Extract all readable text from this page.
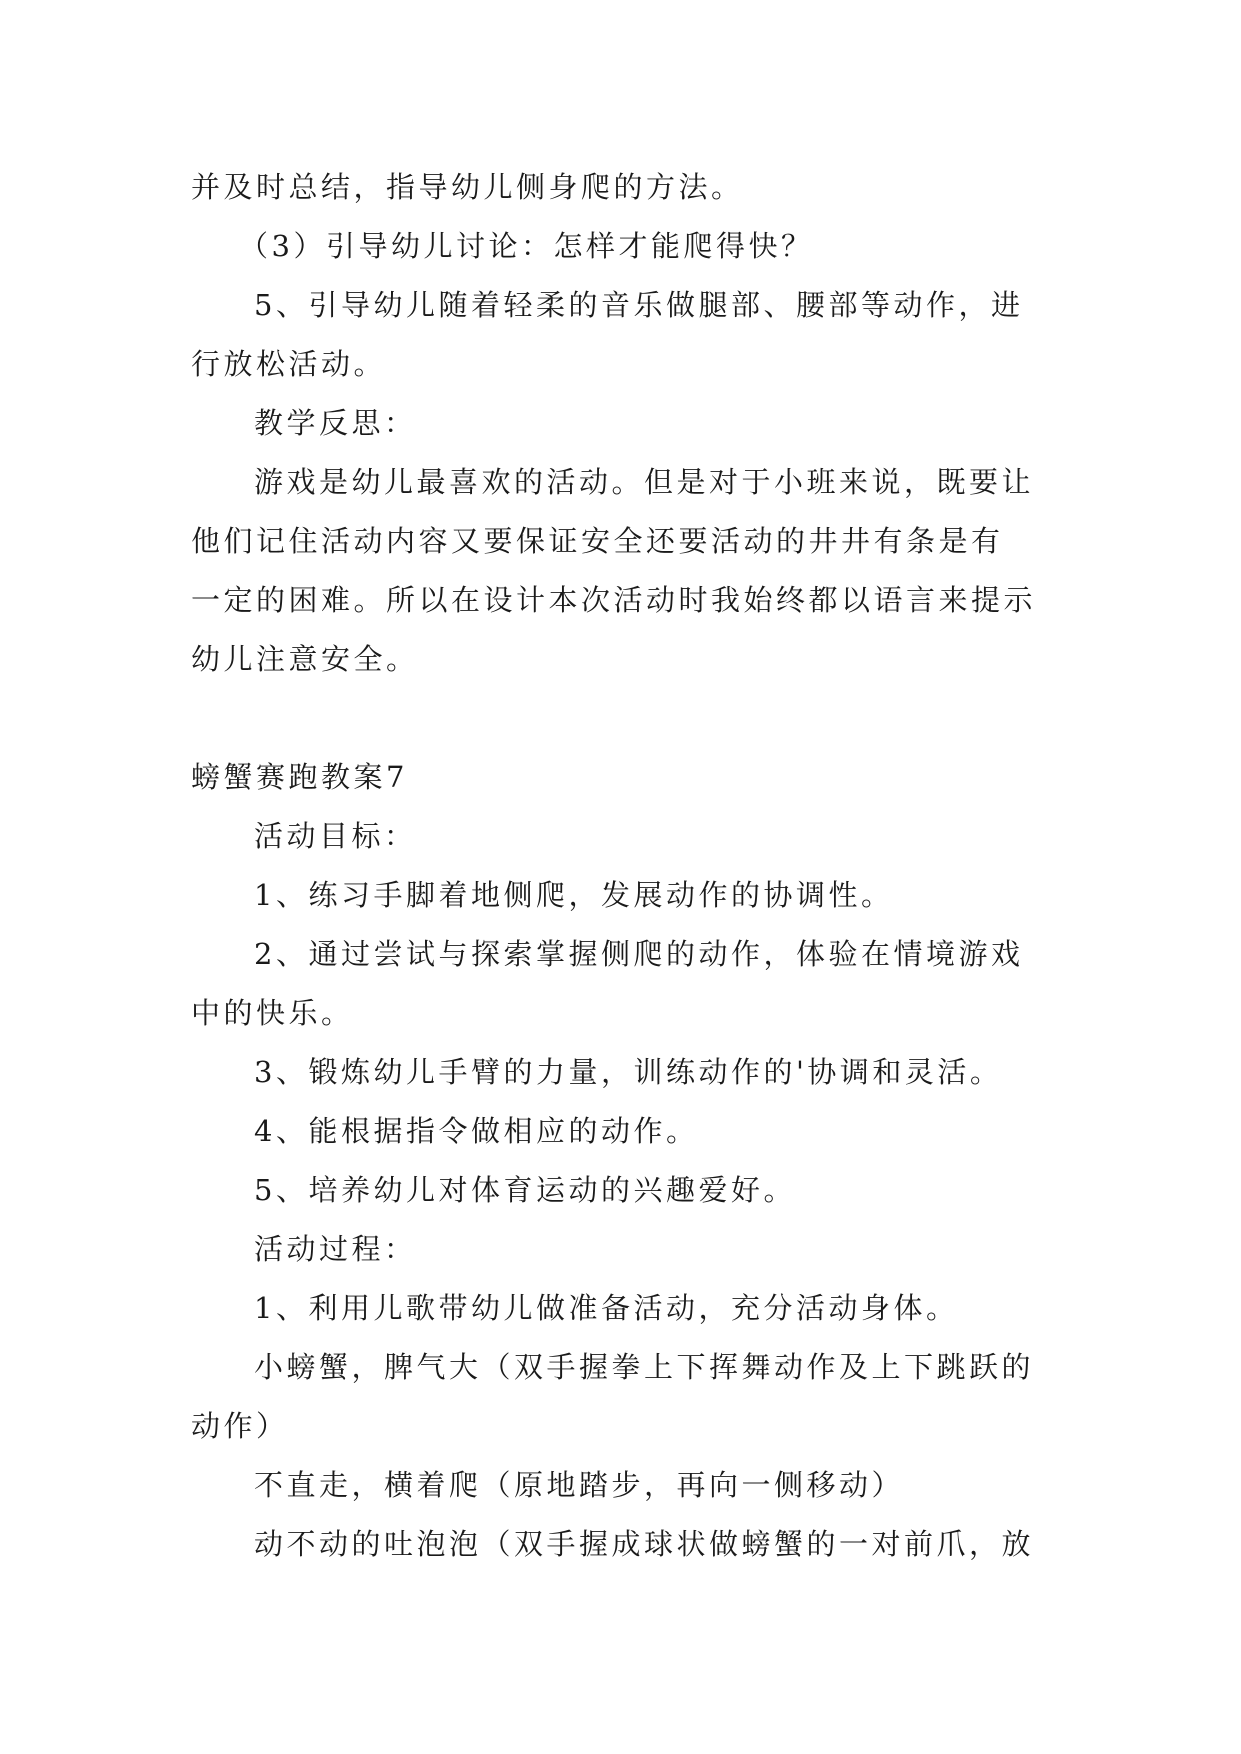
并及时总结，指导幼儿侧身爬的方法。
（3）引导幼儿讨论：怎样才能爬得快？
5、引导幼儿随着轻柔的音乐做腿部、腰部等动作，进
行放松活动。
教学反思：
游戏是幼儿最喜欢的活动。但是对于小班来说，既要让
他们记住活动内容又要保证安全还要活动的井井有条是有
一定的困难。所以在设计本次活动时我始终都以语言来提示
幼儿注意安全。
螃蟹赛跑教案7
活动目标：
1、练习手脚着地侧爬，发展动作的协调性。
2、通过尝试与探索掌握侧爬的动作，体验在情境游戏
中的快乐。
3、锻炼幼儿手臂的力量，训练动作的'协调和灵活。
4、能根据指令做相应的动作。
5、培养幼儿对体育运动的兴趣爱好。
活动过程：
1、利用儿歌带幼儿做准备活动，充分活动身体。
小螃蟹，脾气大（双手握拳上下挥舞动作及上下跳跃的
动作）
不直走，横着爬（原地踏步，再向一侧移动）
动不动的吐泡泡（双手握成球状做螃蟹的一对前爪，放
